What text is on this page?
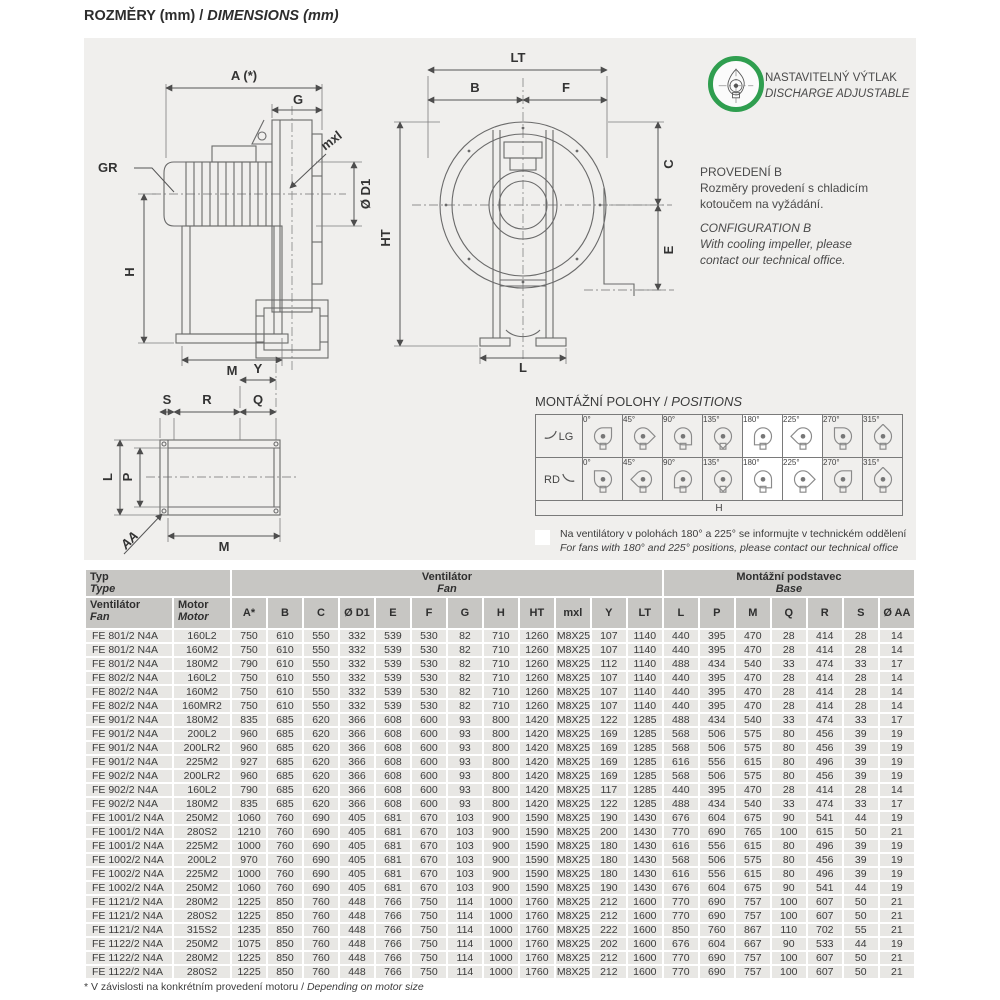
ROZMĚRY (mm) / DIMENSIONS (mm)
A (*)
G
GR
mxl
Ø D1
H
M
LT
B	F
HT
C
E
L
Y
S R	Q
L P
M
AA
NASTAVITELNÝ VÝTLAK
DISCHARGE ADJUSTABLE
PROVEDENÍ B
Rozměry provedení s chladicím
kotoučem na vyžádání.
CONFIGURATION B
With cooling impeller, please
contact our technical office.
MONTÁŽNÍ POLOHY / POSITIONS
LG	0°	45°	90°	135°	180°	225°	270°	315°

RD	0°	45°	90°	135°	180°	225°	270°	315°

H								
Na ventilátory v polohách 180° a 225° se informujte v technickém oddělení
For fans with 180° and 225° positions, please contact our technical office
Typ
Type		Ventilátor
Fan												Montážní podstavec
Base						

Ventilátor
Fan	Motor
Motor	A*	B	C	Ø D1	E	F	G	H	HT	mxl	Y	LT	L	P	M	Q	R	S	Ø AA
FE 801/2 N4A	160L2	750	610	550	332	539	530	82	710	1260	M8X25	107	1140	440	395	470	28	414	28	14
FE 801/2 N4A	160M2	750	610	550	332	539	530	82	710	1260	M8X25	107	1140	440	395	470	28	414	28	14
FE 801/2 N4A	180M2	790	610	550	332	539	530	82	710	1260	M8X25	112	1140	488	434	540	33	474	33	17
FE 802/2 N4A	160L2	750	610	550	332	539	530	82	710	1260	M8X25	107	1140	440	395	470	28	414	28	14
FE 802/2 N4A	160M2	750	610	550	332	539	530	82	710	1260	M8X25	107	1140	440	395	470	28	414	28	14
FE 802/2 N4A	160MR2	750	610	550	332	539	530	82	710	1260	M8X25	107	1140	440	395	470	28	414	28	14
FE 901/2 N4A	180M2	835	685	620	366	608	600	93	800	1420	M8X25	122	1285	488	434	540	33	474	33	17
FE 901/2 N4A	200L2	960	685	620	366	608	600	93	800	1420	M8X25	169	1285	568	506	575	80	456	39	19
FE 901/2 N4A	200LR2	960	685	620	366	608	600	93	800	1420	M8X25	169	1285	568	506	575	80	456	39	19
FE 901/2 N4A	225M2	927	685	620	366	608	600	93	800	1420	M8X25	169	1285	616	556	615	80	496	39	19
FE 902/2 N4A	200LR2	960	685	620	366	608	600	93	800	1420	M8X25	169	1285	568	506	575	80	456	39	19
FE 902/2 N4A	160L2	790	685	620	366	608	600	93	800	1420	M8X25	117	1285	440	395	470	28	414	28	14
FE 902/2 N4A	180M2	835	685	620	366	608	600	93	800	1420	M8X25	122	1285	488	434	540	33	474	33	17
FE 1001/2 N4A	250M2	1060	760	690	405	681	670	103	900	1590	M8X25	190	1430	676	604	675	90	541	44	19
FE 1001/2 N4A	280S2	1210	760	690	405	681	670	103	900	1590	M8X25	200	1430	770	690	765	100	615	50	21
FE 1001/2 N4A	225M2	1000	760	690	405	681	670	103	900	1590	M8X25	180	1430	616	556	615	80	496	39	19
FE 1002/2 N4A	200L2	970	760	690	405	681	670	103	900	1590	M8X25	180	1430	568	506	575	80	456	39	19
FE 1002/2 N4A	225M2	1000	760	690	405	681	670	103	900	1590	M8X25	180	1430	616	556	615	80	496	39	19
FE 1002/2 N4A	250M2	1060	760	690	405	681	670	103	900	1590	M8X25	190	1430	676	604	675	90	541	44	19
FE 1121/2 N4A	280M2	1225	850	760	448	766	750	114	1000	1760	M8X25	212	1600	770	690	757	100	607	50	21
FE 1121/2 N4A	280S2	1225	850	760	448	766	750	114	1000	1760	M8X25	212	1600	770	690	757	100	607	50	21
FE 1121/2 N4A	315S2	1235	850	760	448	766	750	114	1000	1760	M8X25	222	1600	850	760	867	110	702	55	21
FE 1122/2 N4A	250M2	1075	850	760	448	766	750	114	1000	1760	M8X25	202	1600	676	604	667	90	533	44	19
FE 1122/2 N4A	280M2	1225	850	760	448	766	750	114	1000	1760	M8X25	212	1600	770	690	757	100	607	50	21
FE 1122/2 N4A	280S2	1225	850	760	448	766	750	114	1000	1760	M8X25	212	1600	770	690	757	100	607	50	21
* V závislosti na konkrétním provedení motoru / Depending on motor size
